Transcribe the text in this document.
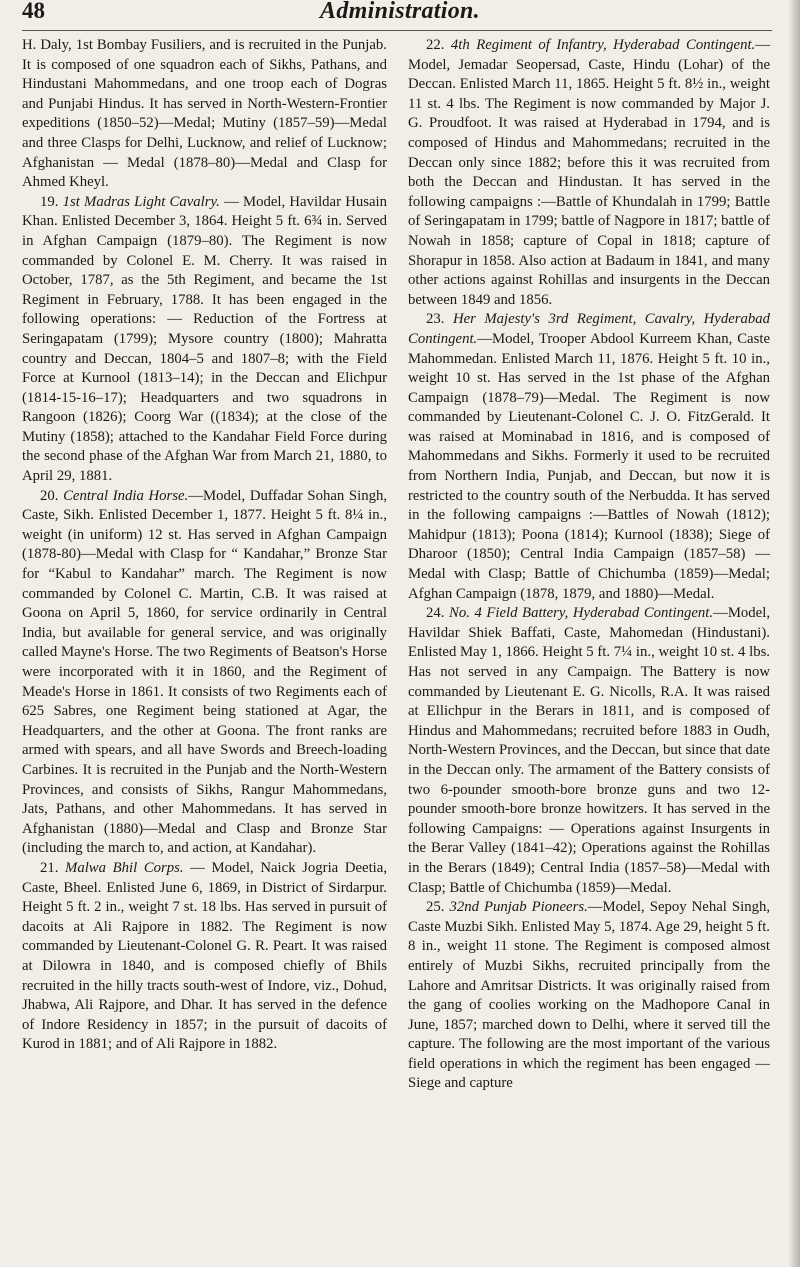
48	Administration.

H. Daly, 1st Bombay Fusiliers, and is recruited in the Punjab. It is composed of one squadron each of Sikhs, Pathans, and Hindustani Mahommedans, and one troop each of Dogras and Punjabi Hindus. It has served in North-Western-Frontier expeditions (1850–52)—Medal; Mutiny (1857–59)—Medal and three Clasps for Delhi, Lucknow, and relief of Lucknow; Afghanistan — Medal (1878–80)—Medal and Clasp for Ahmed Kheyl.

19. 1st Madras Light Cavalry. — Model, Havildar Husain Khan. Enlisted December 3, 1864. Height 5 ft. 6¾ in. Served in Afghan Campaign (1879–80). The Regiment is now commanded by Colonel E. M. Cherry. It was raised in October, 1787, as the 5th Regiment, and became the 1st Regiment in February, 1788. It has been engaged in the following operations: — Reduction of the Fortress at Seringapatam (1799); Mysore country (1800); Mahratta country and Deccan, 1804–5 and 1807–8; with the Field Force at Kurnool (1813–14); in the Deccan and Elichpur (1814-15-16–17); Headquarters and two squadrons in Rangoon (1826); Coorg War ((1834); at the close of the Mutiny (1858); attached to the Kandahar Field Force during the second phase of the Afghan War from March 21, 1880, to April 29, 1881.

20. Central India Horse.—Model, Duffadar Sohan Singh, Caste, Sikh. Enlisted December 1, 1877. Height 5 ft. 8¼ in., weight (in uniform) 12 st. Has served in Afghan Campaign (1878-80)—Medal with Clasp for “ Kandahar,” Bronze Star for “Kabul to Kandahar” march. The Regiment is now commanded by Colonel C. Martin, C.B. It was raised at Goona on April 5, 1860, for service ordinarily in Central India, but available for general service, and was originally called Mayne's Horse. The two Regiments of Beatson's Horse were incorporated with it in 1860, and the Regiment of Meade's Horse in 1861. It consists of two Regiments each of 625 Sabres, one Regiment being stationed at Agar, the Headquarters, and the other at Goona. The front ranks are armed with spears, and all have Swords and Breech-loading Carbines. It is recruited in the Punjab and the North-Western Provinces, and consists of Sikhs, Rangur Mahommedans, Jats, Pathans, and other Mahommedans. It has served in Afghanistan (1880)—Medal and Clasp and Bronze Star (including the march to, and action, at Kandahar).

21. Malwa Bhil Corps. — Model, Naick Jogria Deetia, Caste, Bheel. Enlisted June 6, 1869, in District of Sirdarpur. Height 5 ft. 2 in., weight 7 st. 18 lbs. Has served in pursuit of dacoits at Ali Rajpore in 1882. The Regiment is now commanded by Lieutenant-Colonel G. R. Peart. It was raised at Dilowra in 1840, and is composed chiefly of Bhils recruited in the hilly tracts south-west of Indore, viz., Dohud, Jhabwa, Ali Rajpore, and Dhar. It has served in the defence of Indore Residency in 1857; in the pursuit of dacoits of Kurod in 1881; and of Ali Rajpore in 1882.

22. 4th Regiment of Infantry, Hyderabad Contingent.—Model, Jemadar Seopersad, Caste, Hindu (Lohar) of the Deccan. Enlisted March 11, 1865. Height 5 ft. 8½ in., weight 11 st. 4 lbs. The Regiment is now commanded by Major J. G. Proudfoot. It was raised at Hyderabad in 1794, and is composed of Hindus and Mahommedans; recruited in the Deccan only since 1882; before this it was recruited from both the Deccan and Hindustan. It has served in the following campaigns :—Battle of Khundalah in 1799; Battle of Seringapatam in 1799; battle of Nagpore in 1817; battle of Nowah in 1858; capture of Copal in 1818; capture of Shorapur in 1858. Also action at Badaum in 1841, and many other actions against Rohillas and insurgents in the Deccan between 1849 and 1856.

23. Her Majesty's 3rd Regiment, Cavalry, Hyderabad Contingent.—Model, Trooper Abdool Kurreem Khan, Caste Mahommedan. Enlisted March 11, 1876. Height 5 ft. 10 in., weight 10 st. Has served in the 1st phase of the Afghan Campaign (1878–79)—Medal. The Regiment is now commanded by Lieutenant-Colonel C. J. O. FitzGerald. It was raised at Mominabad in 1816, and is composed of Mahommedans and Sikhs. Formerly it used to be recruited from Northern India, Punjab, and Deccan, but now it is restricted to the country south of the Nerbudda. It has served in the following campaigns :—Battles of Nowah (1812); Mahidpur (1813); Poona (1814); Kurnool (1838); Siege of Dharoor (1850); Central India Campaign (1857–58) — Medal with Clasp; Battle of Chichumba (1859)—Medal; Afghan Campaign (1878, 1879, and 1880)—Medal.

24. No. 4 Field Battery, Hyderabad Contingent.—Model, Havildar Shiek Baffati, Caste, Mahomedan (Hindustani). Enlisted May 1, 1866. Height 5 ft. 7¼ in., weight 10 st. 4 lbs. Has not served in any Campaign. The Battery is now commanded by Lieutenant E. G. Nicolls, R.A. It was raised at Ellichpur in the Berars in 1811, and is composed of Hindus and Mahommedans; recruited before 1883 in Oudh, North-Western Provinces, and the Deccan, but since that date in the Deccan only. The armament of the Battery consists of two 6-pounder smooth-bore bronze guns and two 12-pounder smooth-bore bronze howitzers. It has served in the following Campaigns: — Operations against Insurgents in the Berar Valley (1841–42); Operations against the Rohillas in the Berars (1849); Central India (1857–58)—Medal with Clasp; Battle of Chichumba (1859)—Medal.

25. 32nd Punjab Pioneers.—Model, Sepoy Nehal Singh, Caste Muzbi Sikh. Enlisted May 5, 1874. Age 29, height 5 ft. 8 in., weight 11 stone. The Regiment is composed almost entirely of Muzbi Sikhs, recruited principally from the Lahore and Amritsar Districts. It was originally raised from the gang of coolies working on the Madhopore Canal in June, 1857; marched down to Delhi, where it served till the capture. The following are the most important of the various field operations in which the regiment has been engaged —Siege and capture
